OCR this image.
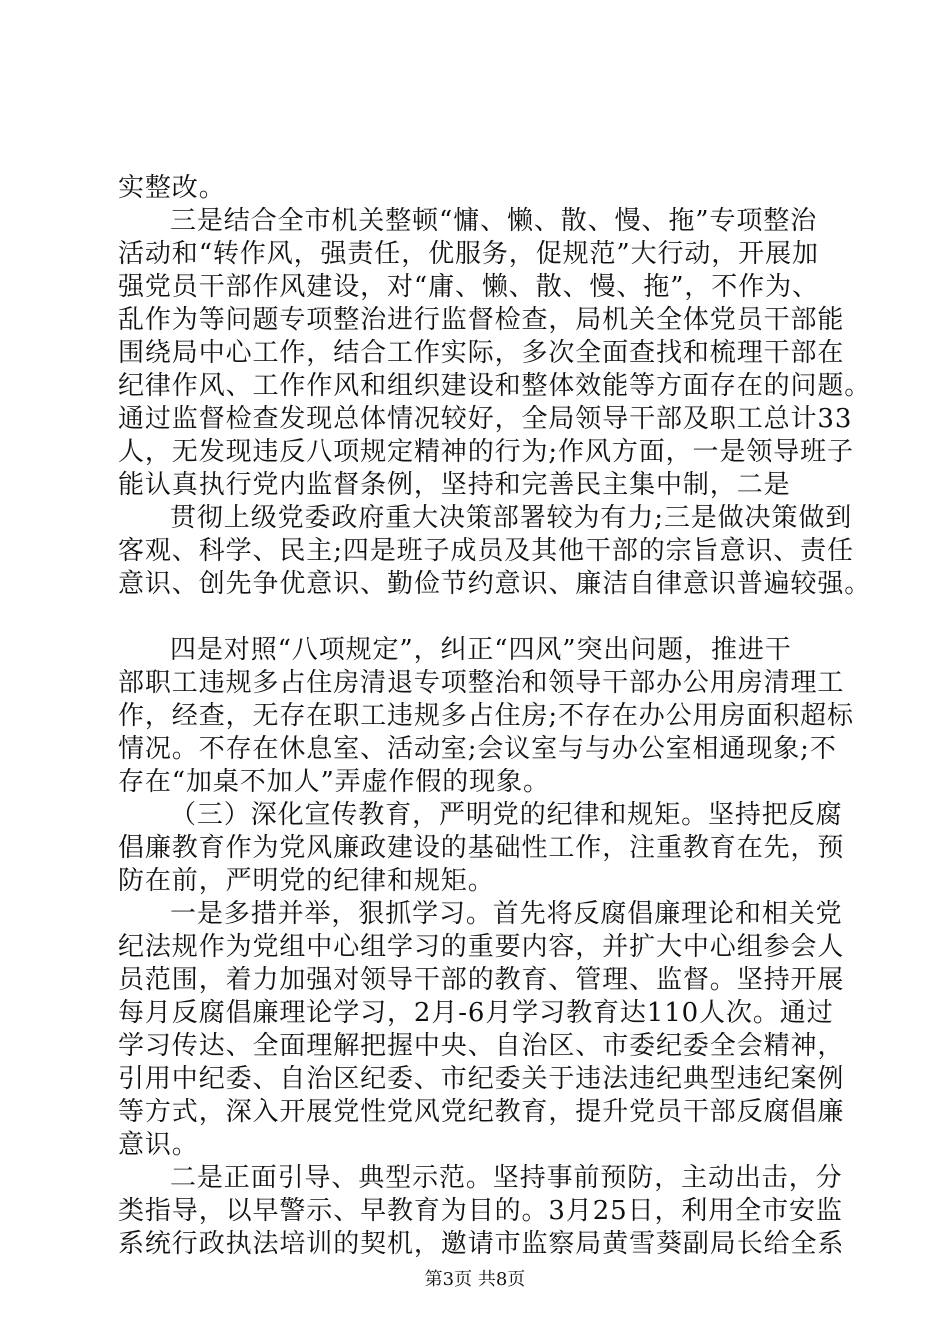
实整改。
三是结合全市机关整顿“慵、懒、散、慢、拖”专项整治
活动和“转作风，强责任，优服务，促规范”大行动，开展加
强党员干部作风建设，对“庸、懒、散、慢、拖”，不作为、
乱作为等问题专项整治进行监督检查，局机关全体党员干部能
围绕局中心工作，结合工作实际，多次全面查找和梳理干部在
纪律作风、工作作风和组织建设和整体效能等方面存在的问题。
通过监督检查发现总体情况较好，全局领导干部及职工总计33
人，无发现违反八项规定精神的行为;作风方面，一是领导班子
能认真执行党内监督条例，坚持和完善民主集中制，二是
贯彻上级党委政府重大决策部署较为有力;三是做决策做到
客观、科学、民主;四是班子成员及其他干部的宗旨意识、责任
意识、创先争优意识、勤俭节约意识、廉洁自律意识普遍较强。
四是对照“八项规定”，纠正“四风”突出问题，推进干
部职工违规多占住房清退专项整治和领导干部办公用房清理工
作，经查，无存在职工违规多占住房;不存在办公用房面积超标
情况。不存在休息室、活动室;会议室与与办公室相通现象;不
存在“加桌不加人”弄虚作假的现象。
（三）深化宣传教育，严明党的纪律和规矩。坚持把反腐
倡廉教育作为党风廉政建设的基础性工作，注重教育在先，预
防在前，严明党的纪律和规矩。
一是多措并举，狠抓学习。首先将反腐倡廉理论和相关党
纪法规作为党组中心组学习的重要内容，并扩大中心组参会人
员范围，着力加强对领导干部的教育、管理、监督。坚持开展
每月反腐倡廉理论学习，2月-6月学习教育达110人次。通过
学习传达、全面理解把握中央、自治区、市委纪委全会精神，
引用中纪委、自治区纪委、市纪委关于违法违纪典型违纪案例
等方式，深入开展党性党风党纪教育，提升党员干部反腐倡廉
意识。
二是正面引导、典型示范。坚持事前预防，主动出击，分
类指导，以早警示、早教育为目的。3月25日，利用全市安监
系统行政执法培训的契机，邀请市监察局黄雪葵副局长给全系
第3页 共8页
